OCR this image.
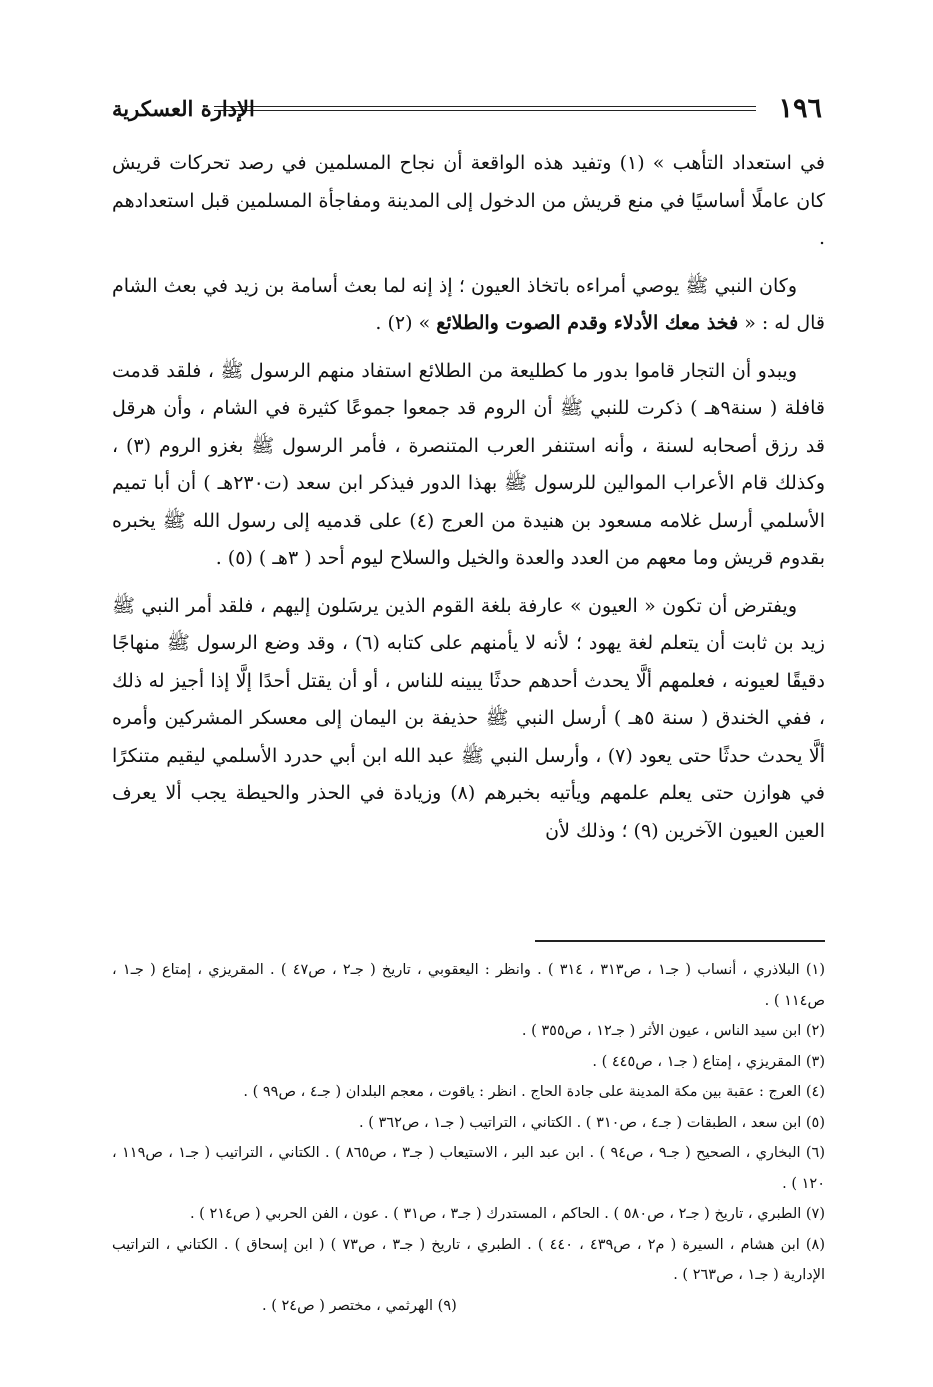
١٩٦
الإدارة العسكرية

في استعداد التأهب » (١) وتفيد هذه الواقعة أن نجاح المسلمين في رصد تحركات قريش كان عاملًا أساسيًا في منع قريش من الدخول إلى المدينة ومفاجأة المسلمين قبل استعدادهم .

وكان النبي ﷺ يوصي أمراءه باتخاذ العيون ؛ إذ إنه لما بعث أسامة بن زيد في بعث الشام قال له : « فخذ معك الأدلاء وقدم الصوت والطلائع » (٢) .

ويبدو أن التجار قاموا بدور ما كطليعة من الطلائع استفاد منهم الرسول ﷺ ، فلقد قدمت قافلة ( سنة٩هـ ) ذكرت للنبي ﷺ أن الروم قد جمعوا جموعًا كثيرة في الشام ، وأن هرقل قد رزق أصحابه لسنة ، وأنه استنفر العرب المتنصرة ، فأمر الرسول ﷺ بغزو الروم (٣) ، وكذلك قام الأعراب الموالين للرسول ﷺ بهذا الدور فيذكر ابن سعد (ت٢٣٠هـ ) أن أبا تميم الأسلمي أرسل غلامه مسعود بن هنيدة من العرج (٤) على قدميه إلى رسول الله ﷺ يخبره بقدوم قريش وما معهم من العدد والعدة والخيل والسلاح ليوم أحد ( ٣هـ ) (٥) .

ويفترض أن تكون « العيون » عارفة بلغة القوم الذين يرسَلون إليهم ، فلقد أمر النبي ﷺ زيد بن ثابت أن يتعلم لغة يهود ؛ لأنه لا يأمنهم على كتابه (٦) ، وقد وضع الرسول ﷺ منهاجًا دقيقًا لعيونه ، فعلمهم ألَّا يحدث أحدهم حدثًا يبينه للناس ، أو أن يقتل أحدًا إلَّا إذا أجيز له ذلك ، ففي الخندق ( سنة ٥هـ ) أرسل النبي ﷺ حذيفة بن اليمان إلى معسكر المشركين وأمره ألَّا يحدث حدثًا حتى يعود (٧) ، وأرسل النبي ﷺ عبد الله ابن أبي حدرد الأسلمي ليقيم متنكرًا في هوازن حتى يعلم علمهم ويأتيه بخبرهم (٨) وزيادة في الحذر والحيطة يجب ألا يعرف العين العيون الآخرين (٩) ؛ وذلك لأن

(١) البلاذري ، أنساب ( جـ١ ، ص٣١٣ ، ٣١٤ ) . وانظر : اليعقوبي ، تاريخ ( جـ٢ ، ص٤٧ ) . المقريزي ، إمتاع ( جـ١ ، ص١١٤ ) .
(٢) ابن سيد الناس ، عيون الأثر ( جـ١٢ ، ص٣٥٥ ) .
(٣) المقريزي ، إمتاع ( جـ١ ، ص٤٤٥ ) .
(٤) العرج : عقبة بين مكة المدينة على جادة الحاج . انظر : ياقوت ، معجم البلدان ( جـ٤ ، ص٩٩ ) .
(٥) ابن سعد ، الطبقات ( جـ٤ ، ص٣١٠ ) . الكتاني ، التراتيب ( جـ١ ، ص٣٦٢ ) .
(٦) البخاري ، الصحيح ( جـ٩ ، ص٩٤ ) . ابن عبد البر ، الاستيعاب ( جـ٣ ، ص٨٦٥ ) . الكتاني ، التراتيب ( جـ١ ، ص١١٩ ، ١٢٠ ) .
(٧) الطبري ، تاريخ ( جـ٢ ، ص٥٨٠ ) . الحاكم ، المستدرك ( جـ٣ ، ص٣١ ) . عون ، الفن الحربي ( ص٢١٤ ) .
(٨) ابن هشام ، السيرة ( م٢ ، ص٤٣٩ ، ٤٤٠ ) . الطبري ، تاريخ ( جـ٣ ، ص٧٣ ) ( ابن إسحاق ) . الكتاني ، التراتيب الإدارية ( جـ١ ، ص٢٦٣ ) .
(٩) الهرثمي ، مختصر ( ص٢٤ ) .
